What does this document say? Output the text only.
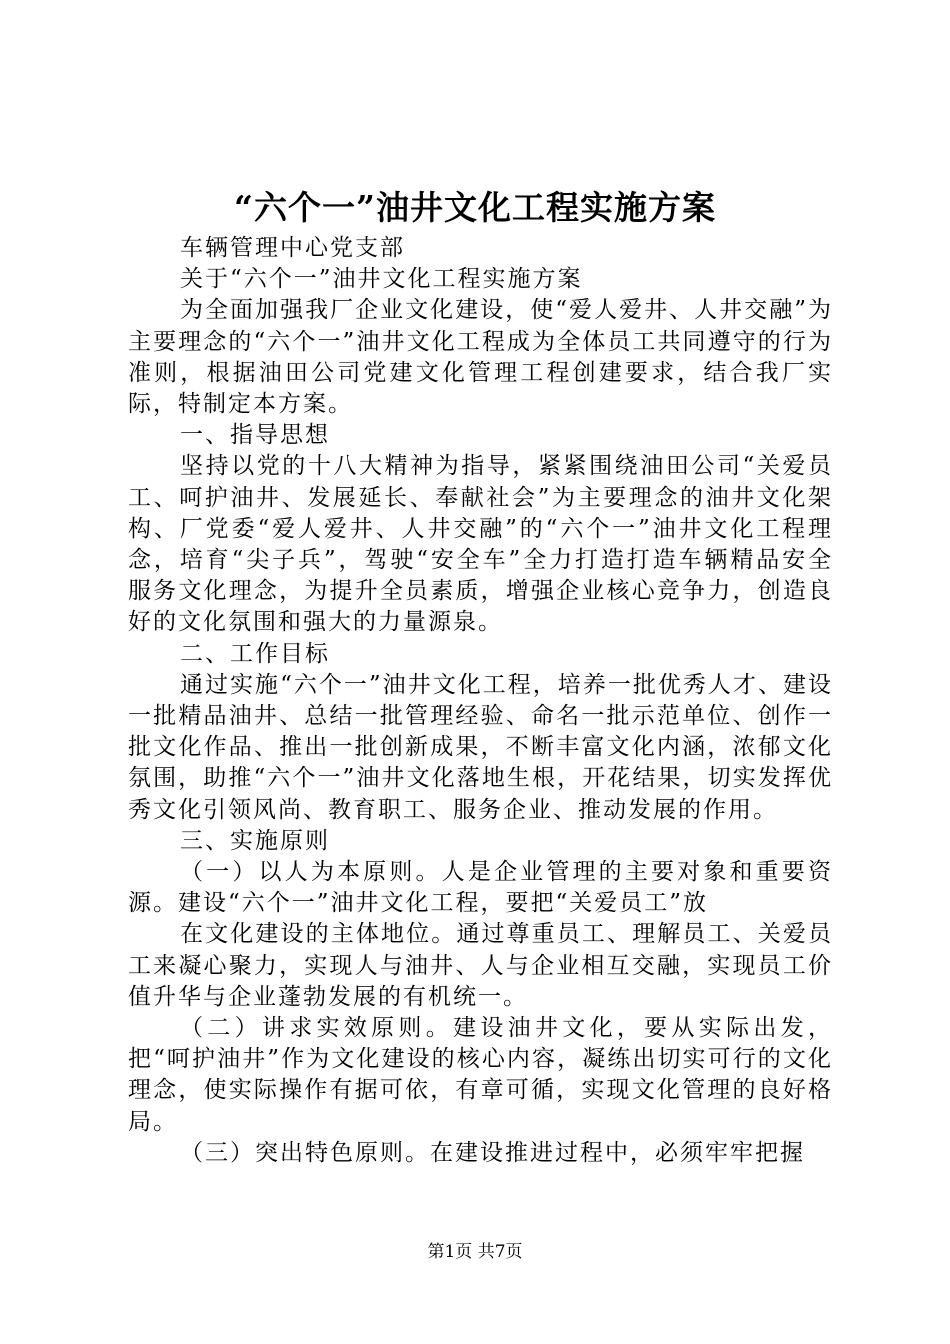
“六个一”油井文化工程实施方案

车辆管理中心党支部

关于“六个一”油井文化工程实施方案

为全面加强我厂企业文化建设，使“爱人爱井、人井交融”为主要理念的“六个一”油井文化工程成为全体员工共同遵守的行为准则，根据油田公司党建文化管理工程创建要求，结合我厂实际，特制定本方案。

一、指导思想

坚持以党的十八大精神为指导，紧紧围绕油田公司“关爱员工、呵护油井、发展延长、奉献社会”为主要理念的油井文化架构、厂党委“爱人爱井、人井交融”的“六个一”油井文化工程理念，培育“尖子兵”，驾驶“安全车”全力打造打造车辆精品安全服务文化理念，为提升全员素质，增强企业核心竞争力，创造良好的文化氛围和强大的力量源泉。

二、工作目标

通过实施“六个一”油井文化工程，培养一批优秀人才、建设一批精品油井、总结一批管理经验、命名一批示范单位、创作一批文化作品、推出一批创新成果，不断丰富文化内涵，浓郁文化氛围，助推“六个一”油井文化落地生根，开花结果，切实发挥优秀文化引领风尚、教育职工、服务企业、推动发展的作用。

三、实施原则

（一）以人为本原则。人是企业管理的主要对象和重要资源。建设“六个一”油井文化工程，要把“关爱员工”放

在文化建设的主体地位。通过尊重员工、理解员工、关爱员工来凝心聚力，实现人与油井、人与企业相互交融，实现员工价值升华与企业蓬勃发展的有机统一。

（二）讲求实效原则。建设油井文化，要从实际出发，把“呵护油井”作为文化建设的核心内容，凝练出切实可行的文化理念，使实际操作有据可依，有章可循，实现文化管理的良好格局。

（三）突出特色原则。在建设推进过程中，必须牢牢把握

第1页 共7页
